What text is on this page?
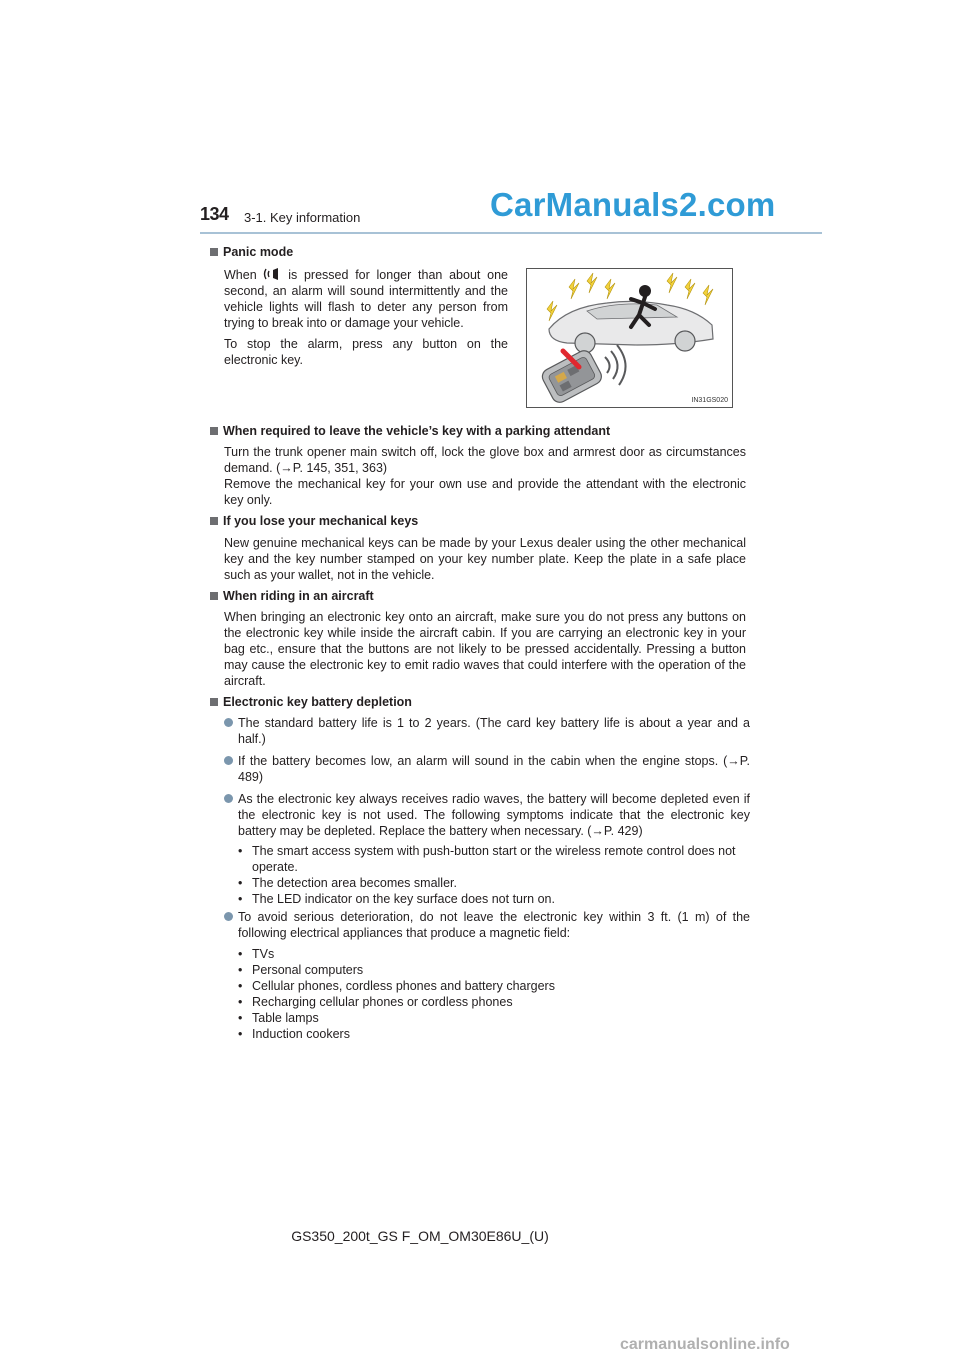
134 3-1. Key information	CarManuals2.com
Panic mode

When	is pressed for longer than about one second, an alarm will sound intermittently and the vehicle lights will flash to deter any person from trying to break into or damage your vehicle.

To stop the alarm, press any button on the electronic key.

IN31GS020
When required to leave the vehicle’s key with a parking attendant

Turn the trunk opener main switch off, lock the glove box and armrest door as circumstances demand. (→P. 145, 351, 363)

Remove the mechanical key for your own use and provide the attendant with the electronic key only.

If you lose your mechanical keys

New genuine mechanical keys can be made by your Lexus dealer using the other mechanical key and the key number stamped on your key number plate. Keep the plate in a safe place such as your wallet, not in the vehicle.

When riding in an aircraft

When bringing an electronic key onto an aircraft, make sure you do not press any buttons on the electronic key while inside the aircraft cabin. If you are carrying an electronic key in your bag etc., ensure that the buttons are not likely to be pressed accidentally. Pressing a button may cause the electronic key to emit radio waves that could interfere with the operation of the aircraft.

Electronic key battery depletion
The standard battery life is 1 to 2 years. (The card key battery life is about a year and a half.)
If the battery becomes low, an alarm will sound in the cabin when the engine stops. (→P. 489)
As the electronic key always receives radio waves, the battery will become depleted even if the electronic key is not used. The following symptoms indicate that the electronic key battery may be depleted. Replace the battery when necessary. (→P. 429)
• The smart access system with push-button start or the wireless remote control does not operate.
• The detection area becomes smaller.
• The LED indicator on the key surface does not turn on.
To avoid serious deterioration, do not leave the electronic key within 3 ft. (1 m) of the following electrical appliances that produce a magnetic field:
• TVs
• Personal computers
• Cellular phones, cordless phones and battery chargers
• Recharging cellular phones or cordless phones
• Table lamps
• Induction cookers
GS350_200t_GS F_OM_OM30E86U_(U)
carmanualsonline.info
